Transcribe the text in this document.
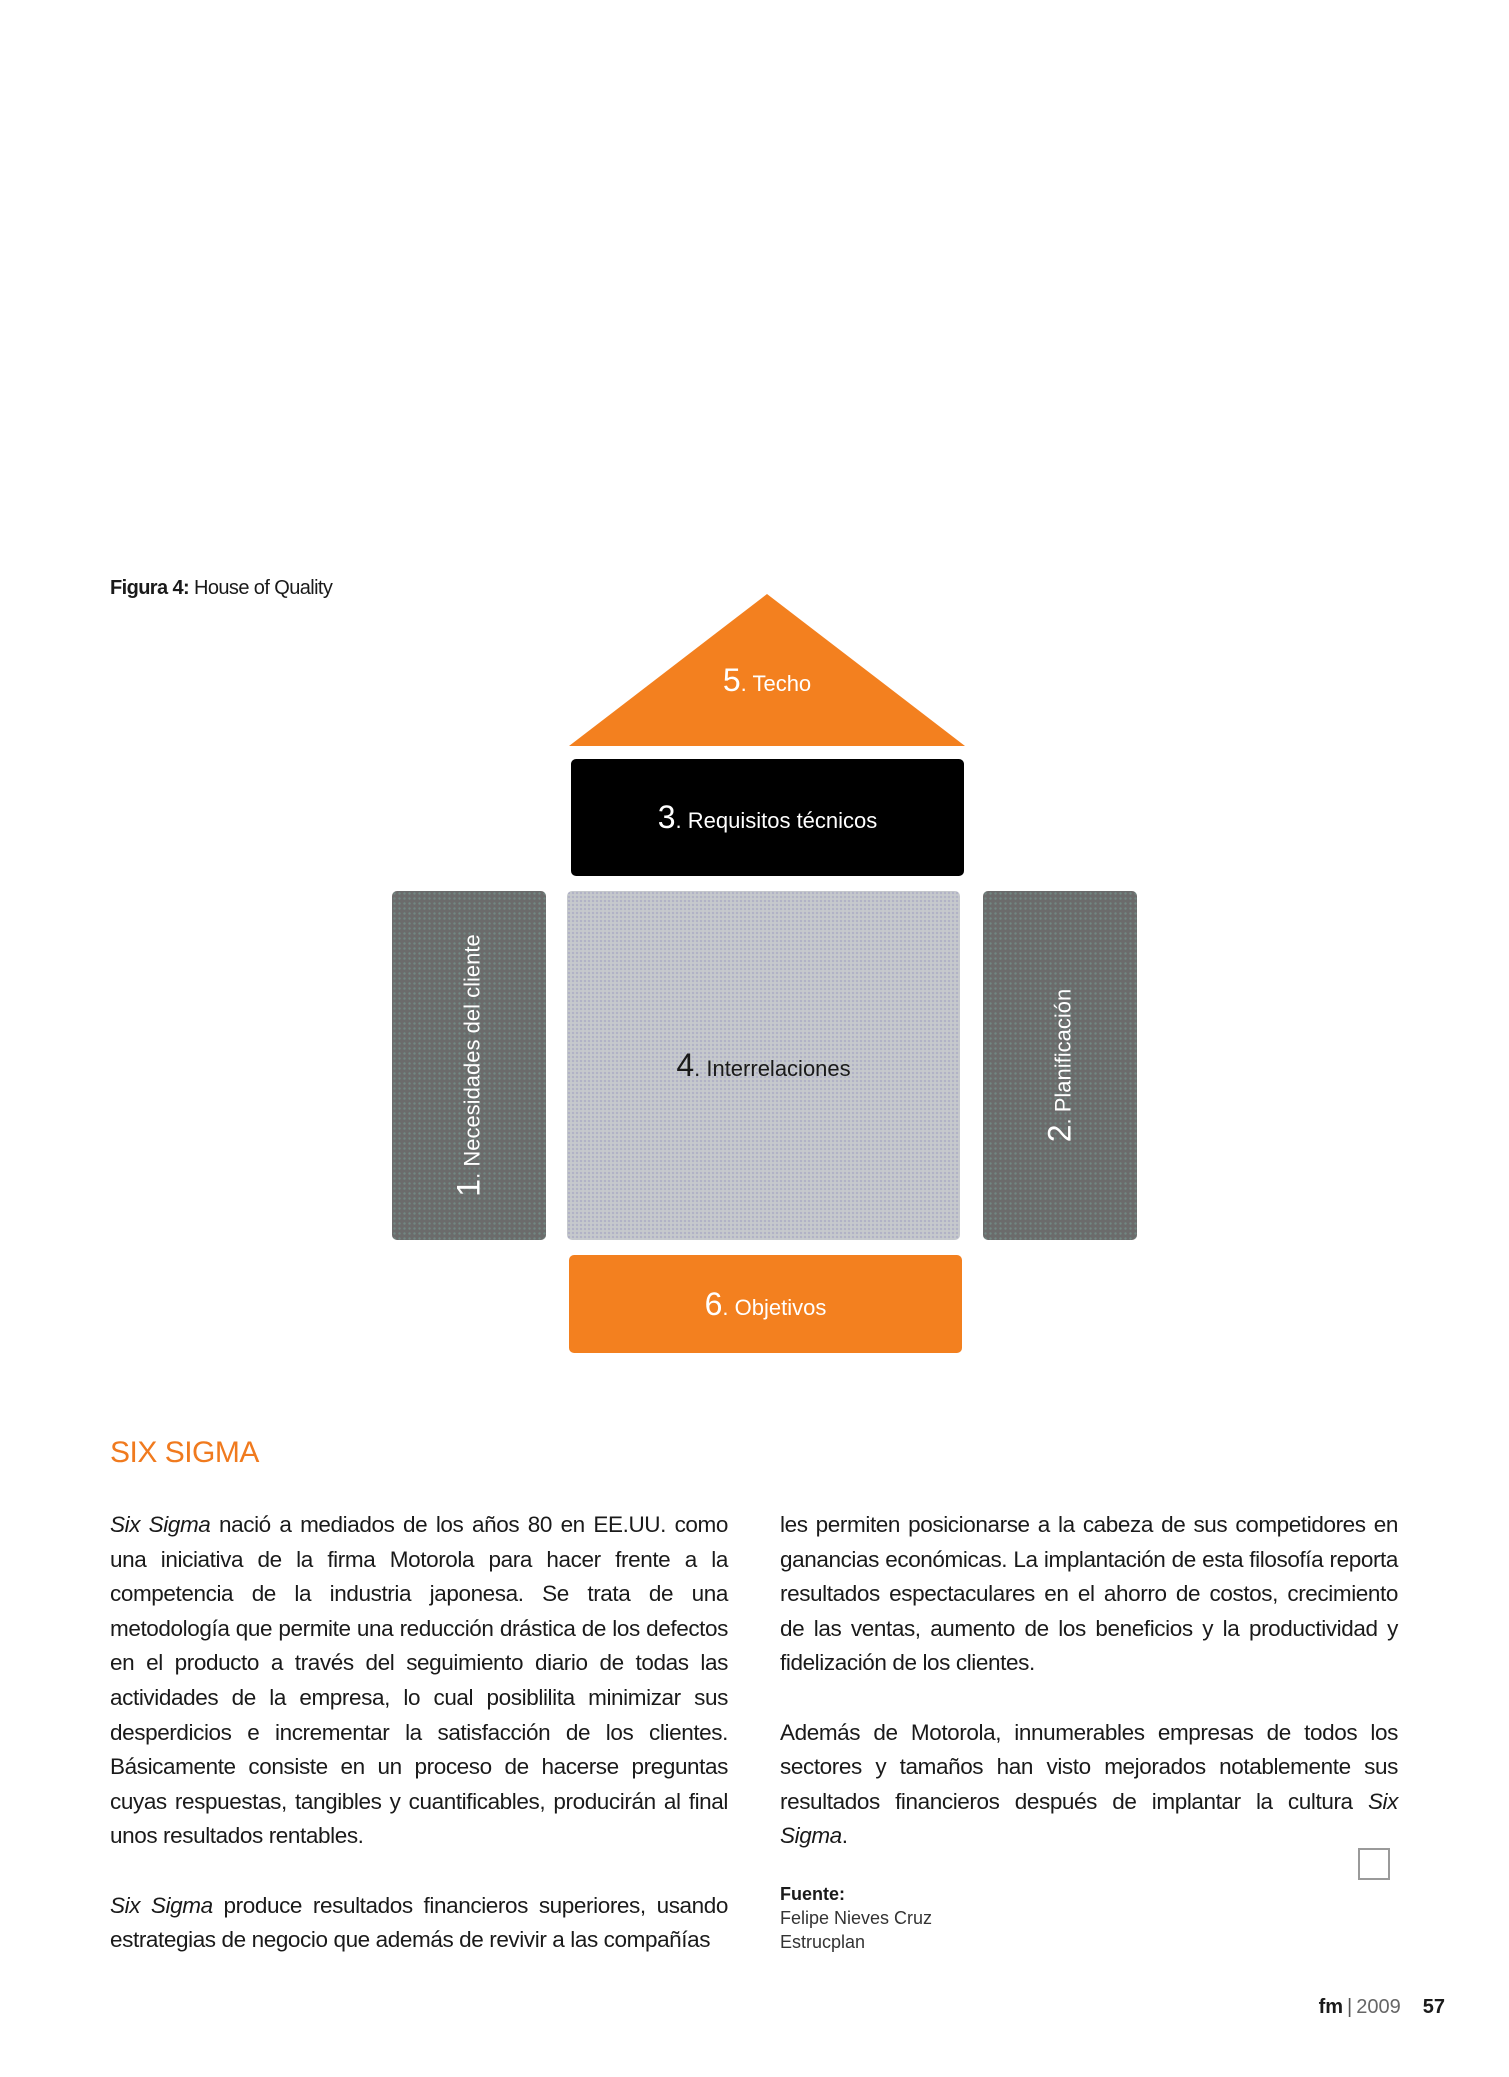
Figura 4: House of Quality
5. Techo
3. Requisitos técnicos
1. Necesidades del cliente	4. Interrelaciones
2. Planificación
6. Objetivos
SIX SIGMA

Six Sigma nació a mediados de los años 80 en EE.UU. como una iniciativa de la firma Motorola para hacer frente a la competencia de la industria japonesa. Se trata de una metodología que permite una reducción drástica de los defectos en el producto a través del seguimiento diario de todas las actividades de la empresa, lo cual posiblilita minimizar sus desperdicios e incrementar la satisfacción de los clientes. Básicamente consiste en un proceso de hacerse preguntas cuyas respuestas, tangibles y cuantificables, producirán al final unos resultados rentables.

Six Sigma produce resultados financieros superiores, usando estrategias de negocio que además de revivir a las compañías

les permiten posicionarse a la cabeza de sus competidores en ganancias económicas. La implantación de esta filosofía reporta resultados espectaculares en el ahorro de costos, crecimiento de las ventas, aumento de los beneficios y la productividad y fidelización de los clientes.

Además de Motorola, innumerables empresas de todos los sectores y tamaños han visto mejorados notablemente sus resultados financieros después de implantar la cultura Six Sigma.

Fuente:
Felipe Nieves Cruz
Estrucplan
fm | 2009 57
